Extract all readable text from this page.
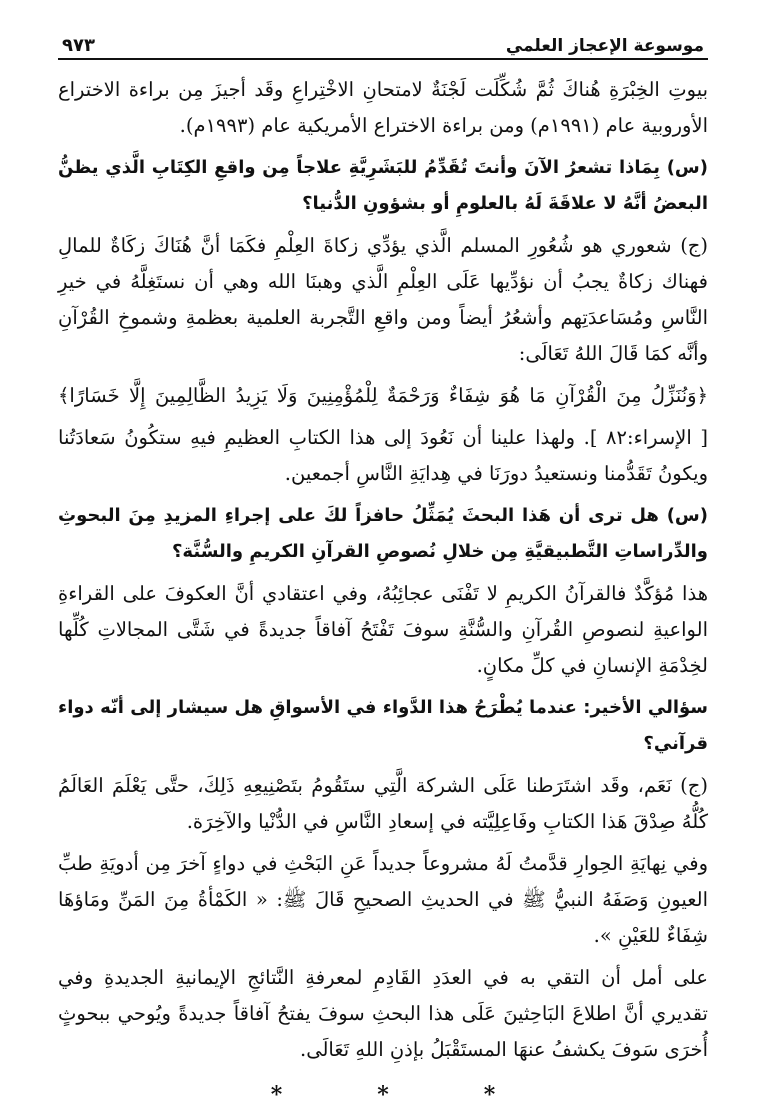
موسوعة الإعجاز العلمي
٩٧٣

بيوتِ الخِبْرَةِ هُناكَ ثُمَّ شُكِّلَت لَجْنَةٌ لامتحانِ الاخْتِراعِ وقَد أجيزَ مِن براءة الاختراع الأوروبية عام (١٩٩١م) ومن براءة الاختراع الأمريكية عام (١٩٩٣م).

(س) بِمَاذا تشعرُ الآنَ وأنتَ تُقَدِّمُ للبَشَرِيَّةِ علاجاً مِن واقعِ الكِتَابِ الَّذي يظنُّ البعضُ أنَّهُ لا علاقَةَ لَهُ بالعلومِ أو بشؤونِ الدُّنيا؟

(ج) شعوري هو شُعُورِ المسلم الَّذي يؤدِّي زكاةَ العِلْمِ فكَمَا أنَّ هُنَاكَ زكَاةٌ للمالِ فهناك زكاةٌ يجبُ أن نؤدِّيها عَلَى العِلْمِ الَّذي وهبنَا الله وهي أن نستَغِلَّهُ في خيرِ النَّاسِ ومُسَاعدَتِهم وأشعُرُ أيضاً ومن واقعِ التَّجربة العلمية بعظمةِ وشموخِ القُرْآنِ وأنَّه كمَا قَالَ اللهُ تَعَالَى:

﴿وَنُنَزِّلُ مِنَ الْقُرْآنِ مَا هُوَ شِفَاءٌ وَرَحْمَةٌ لِلْمُؤْمِنِينَ وَلَا يَزِيدُ الظَّالِمِينَ إِلَّا خَسَارًا﴾

[ الإسراء:٨٢ ]. ولهذا علينا أن نَعُودَ إلى هذا الكتابِ العظيمِ فيهِ ستكُونُ سَعادَتُنا ويكونُ تَقَدُّمنا ونستعيدُ دورَنَا في هِدايَةِ النَّاسِ أجمعين.

(س) هل ترى أن هَذا البحثَ يُمَثِّلُ حافزاً لكَ على إجراءِ المزيدِ مِنَ البحوثِ والدِّراساتِ التَّطبيقيَّةِ مِن خلالِ نُصوصِ القرآنِ الكريمِ والسُّنَّة؟

هذا مُؤكَّدٌ فالقرآنُ الكريمِ لا تَفْنَى عجائِبُهُ، وفي اعتقادي أنَّ العكوفَ على القراءةِ الواعيةِ لنصوصِ القُرآنِ والسُّنَّةِ سوفَ تَفْتَحُ آفاقاً جديدةً في شَتَّى المجالاتِ كُلِّها لخِدْمَةِ الإنسانِ في كلِّ مكانٍ.

سؤالي الأخير: عندما يُطْرَحُ هذا الدَّواء في الأسواقِ هل سيشار إلى أنّه دواء قرآني؟

(ج) نَعَم، وقَد اشتَرَطنا عَلَى الشركة الَّتِي ستَقُومُ بتَصْنِيعِهِ ذَلِكَ، حتَّى يَعْلَمَ العَالَمُ كُلُّهُ صِدْقَ هَذا الكتابِ وفَاعِلِيَّته في إسعادِ النَّاسِ في الدُّنْيا والآخِرَة.

وفي نِهايَةِ الحِوارِ قدَّمتُ لَهُ مشروعاً جديداً عَنِ البَحْثِ في دواءٍ آخرَ مِن أدويَةِ طبِّ العيونِ وَصَفَهُ النبيُّ ﷺ في الحديثِ الصحيحِ قَالَ ﷺ: « الكَمْأةُ مِنَ المَنِّ ومَاؤهَا شِفَاءٌ للعَيْنِ ».

على أمل أن التقي به في العدَدِ القَادِمِ لمعرفةِ النَّتائجِ الإيمانيةِ الجديدةِ وفي تقديري أنَّ اطلاعَ البَاحِثينَ عَلَى هذا البحثِ سوفَ يفتحُ آفاقاً جديدةً ويُوحي ببحوثٍ أُخرَى سَوفَ يكشفُ عنهَا المستَقْبَلُ بإذنِ اللهِ تَعَالَى.

*
*
*
